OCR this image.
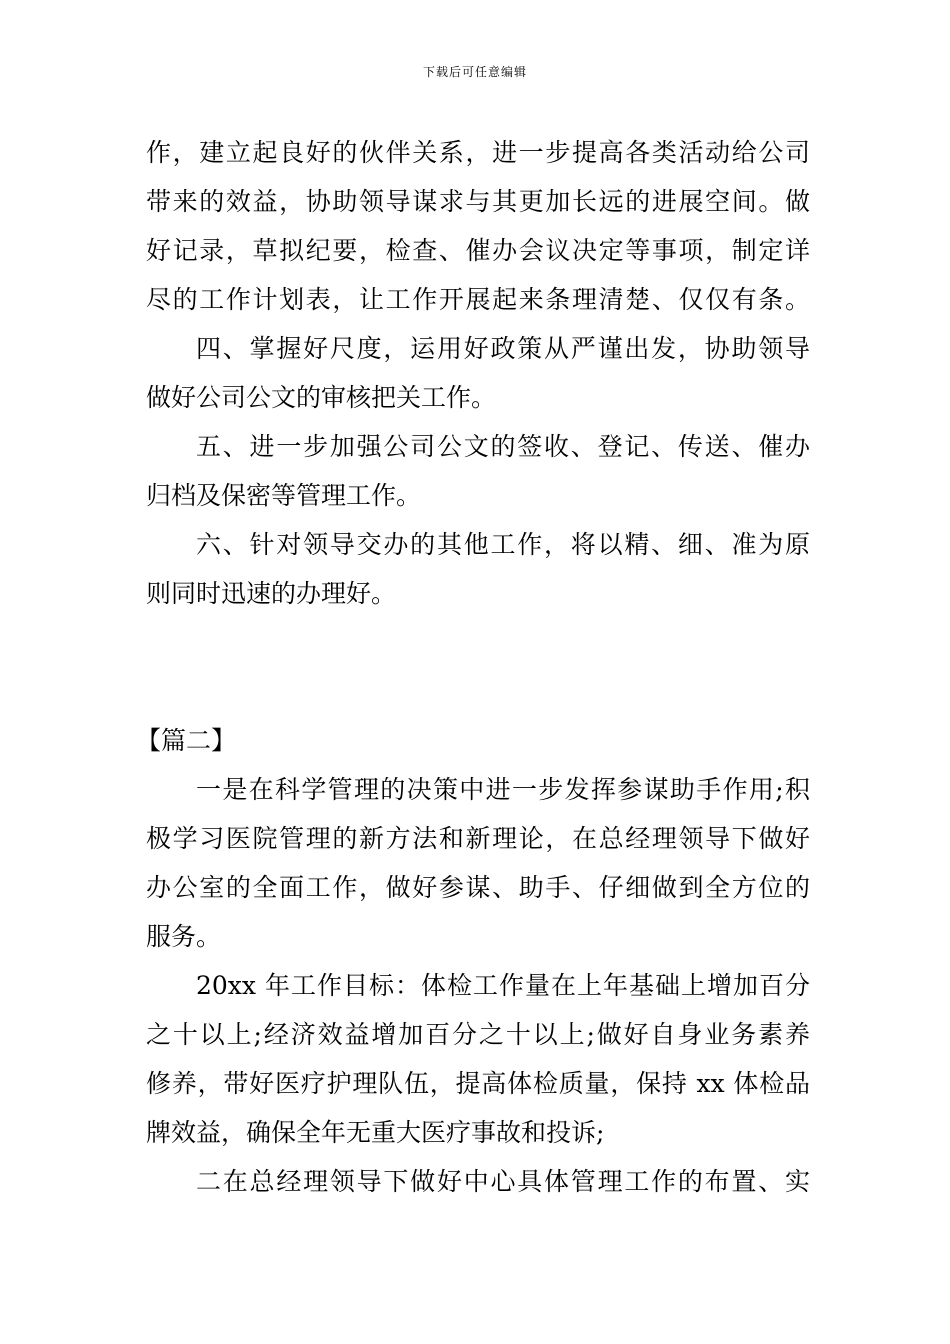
下载后可任意编辑
作，建立起良好的伙伴关系，进一步提高各类活动给公司
带来的效益，协助领导谋求与其更加长远的进展空间。做
好记录，草拟纪要，检查、催办会议决定等事项，制定详
尽的工作计划表，让工作开展起来条理清楚、仅仅有条。
四、掌握好尺度，运用好政策从严谨出发，协助领导
做好公司公文的审核把关工作。
五、进一步加强公司公文的签收、登记、传送、催办
归档及保密等管理工作。
六、针对领导交办的其他工作，将以精、细、准为原
则同时迅速的办理好。
【篇二】
一是在科学管理的决策中进一步发挥参谋助手作用;积
极学习医院管理的新方法和新理论，在总经理领导下做好
办公室的全面工作，做好参谋、助手、仔细做到全方位的
服务。
20xx 年工作目标：体检工作量在上年基础上增加百分
之十以上;经济效益增加百分之十以上;做好自身业务素养
修养，带好医疗护理队伍，提高体检质量，保持 xx 体检品
牌效益，确保全年无重大医疗事故和投诉;
二在总经理领导下做好中心具体管理工作的布置、实
